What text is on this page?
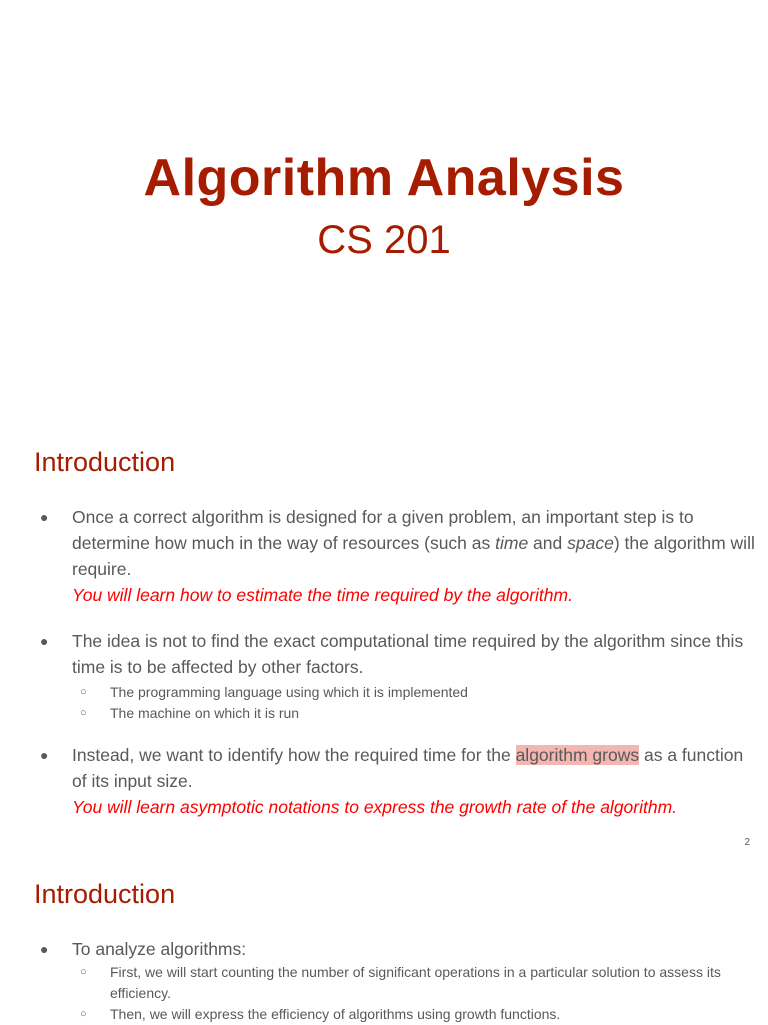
Algorithm Analysis
CS 201
Introduction
● Once a correct algorithm is designed for a given problem, an important step is to determine how much in the way of resources (such as time and space) the algorithm will require.
You will learn how to estimate the time required by the algorithm.
● The idea is not to find the exact computational time required by the algorithm since this time is to be affected by other factors.
○ The programming language using which it is implemented
○ The machine on which it is run
● Instead, we want to identify how the required time for the algorithm grows as a function of its input size.
You will learn asymptotic notations to express the growth rate of the algorithm.
2
Introduction
● To analyze algorithms:
○ First, we will start counting the number of significant operations in a particular solution to assess its efficiency.
○ Then, we will express the efficiency of algorithms using growth functions.
